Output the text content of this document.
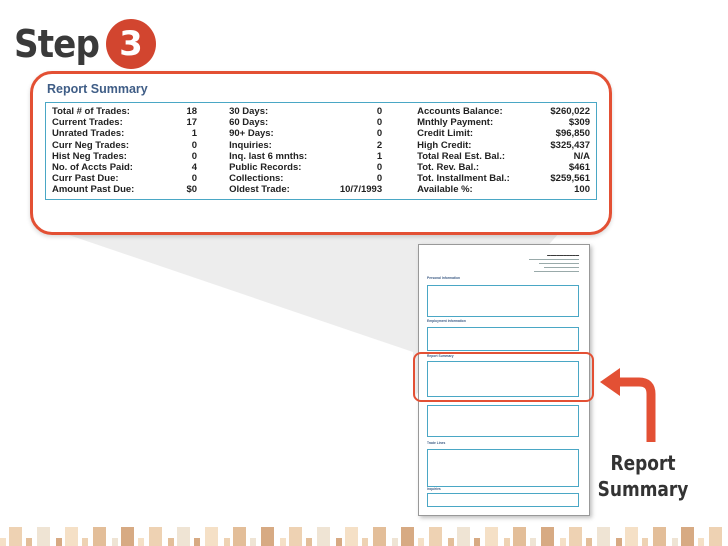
Step 3
Report Summary
Total # of Trades:	18	30 Days:	0	Accounts Balance:	$260,022
Current Trades:	17	60 Days:	0	Mnthly Payment:	$309
Unrated Trades:	1	90+ Days:	0	Credit Limit:	$96,850
Curr Neg Trades:	0	Inquiries:	2	High Credit:	$325,437
Hist Neg Trades:	0	Inq. last 6 mnths:	1	Total Real Est. Bal.:	N/A
No. of Accts Paid:	4	Public Records:	0	Tot. Rev. Bal.:	$461
Curr Past Due:	0	Collections:	0	Tot. Installment Bal.:	$259,561
Amount Past Due:	$0	Oldest Trade:	10/7/1993	Available %:	100
▬▬▬▬▬▬▬▬▬▬
Personal Information
Employment Information
Report Summary
Trade Lines
Inquiries
Report
Summary
